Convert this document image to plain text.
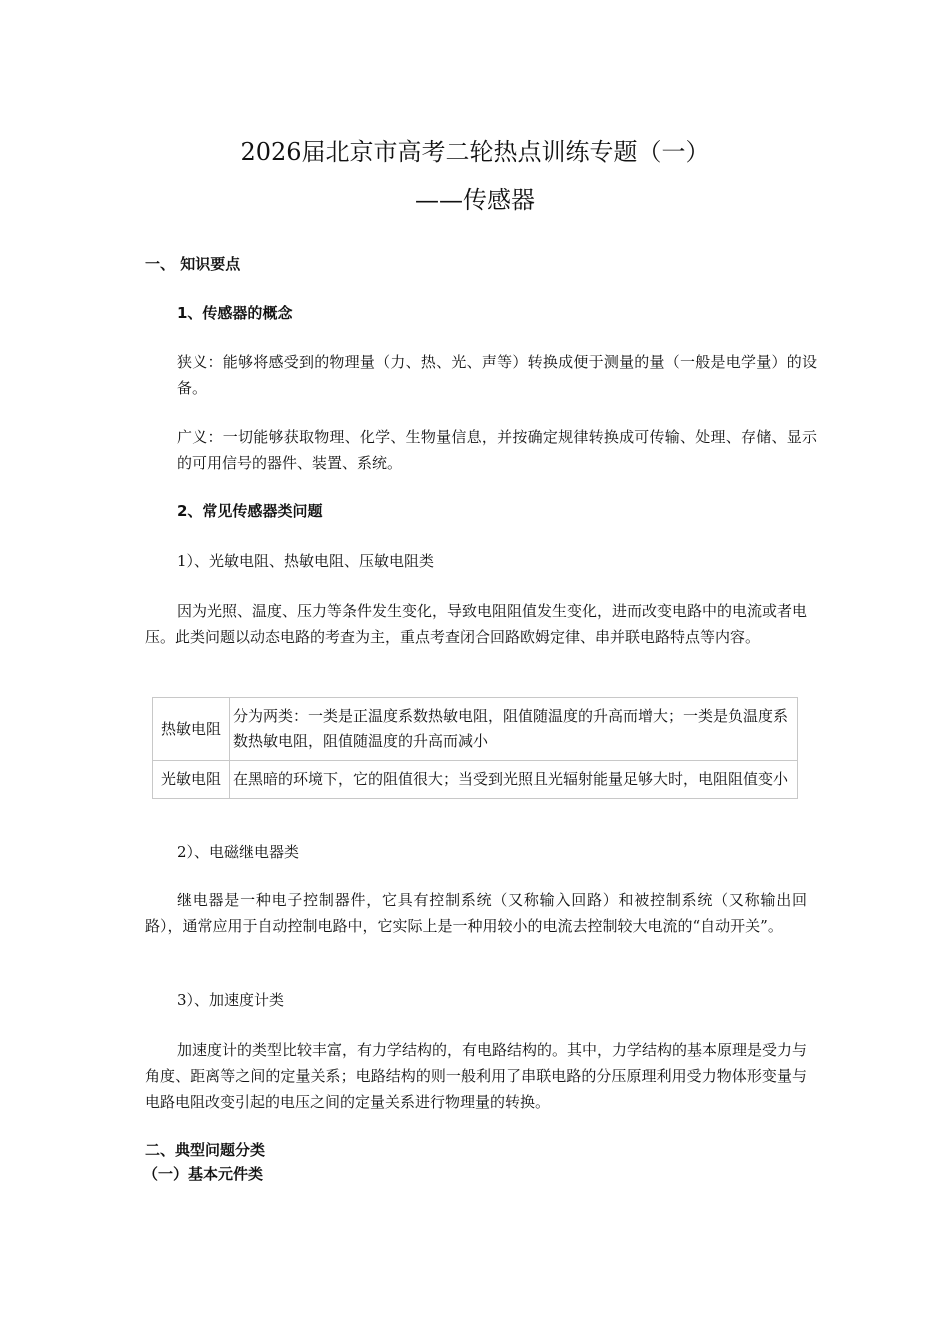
2026届北京市高考二轮热点训练专题（一）
——传感器
一、 知识要点
1、传感器的概念
狭义：能够将感受到的物理量（力、热、光、声等）转换成便于测量的量（一般是电学量）的设备。
广义：一切能够获取物理、化学、生物量信息，并按确定规律转换成可传输、处理、存储、显示的可用信号的器件、装置、系统。
2、常见传感器类问题
1）、光敏电阻、热敏电阻、压敏电阻类
因为光照、温度、压力等条件发生变化，导致电阻阻值发生变化，进而改变电路中的电流或者电压。此类问题以动态电路的考查为主，重点考查闭合回路欧姆定律、串并联电路特点等内容。
热敏电阻	分为两类：一类是正温度系数热敏电阻，阻值随温度的升高而增大；一类是负温度系数热敏电阻，阻值随温度的升高而减小
光敏电阻	在黑暗的环境下，它的阻值很大；当受到光照且光辐射能量足够大时，电阻阻值变小
2）、电磁继电器类
继电器是一种电子控制器件，它具有控制系统（又称输入回路）和被控制系统（又称输出回路），通常应用于自动控制电路中，它实际上是一种用较小的电流去控制较大电流的“自动开关”。
3）、加速度计类
加速度计的类型比较丰富，有力学结构的，有电路结构的。其中，力学结构的基本原理是受力与角度、距离等之间的定量关系；电路结构的则一般利用了串联电路的分压原理利用受力物体形变量与电路电阻改变引起的电压之间的定量关系进行物理量的转换。
二、典型问题分类
（一）基本元件类
